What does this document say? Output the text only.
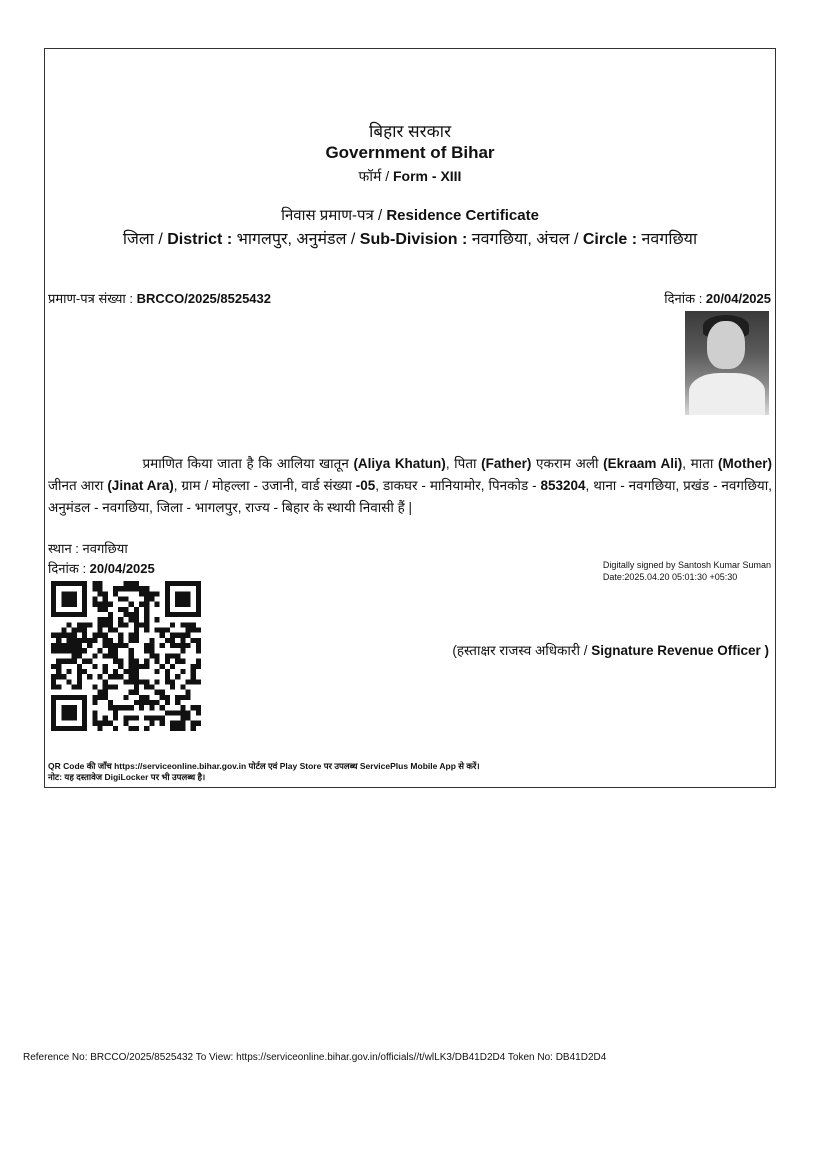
बिहार सरकार
Government of Bihar
फॉर्म / Form - XIII
निवास प्रमाण-पत्र / Residence Certificate
जिला / District : भागलपुर, अनुमंडल / Sub-Division : नवगछिया, अंचल / Circle : नवगछिया
प्रमाण-पत्र संख्या : BRCCO/2025/8525432	दिनांक : 20/04/2025
       प्रमाणित किया जाता है कि आलिया खातून (Aliya Khatun), पिता (Father) एकराम अली (Ekraam Ali), माता (Mother) जीनत आरा (Jinat Ara), ग्राम / मोहल्ला - उजानी, वार्ड संख्या -05, डाकघर - मानियामोर, पिनकोड - 853204, थाना - नवगछिया, प्रखंड - नवगछिया, अनुमंडल - नवगछिया, जिला - भागलपुर, राज्य - बिहार के स्थायी निवासी हैं |
स्थान : नवगछिया
दिनांक : 20/04/2025	Digitally signed by Santosh Kumar Suman
Date:2025.04.20 05:01:30 +05:30
(हस्ताक्षर राजस्व अधिकारी / Signature Revenue Officer )
QR Code की जाँच https://serviceonline.bihar.gov.in पोर्टल एवं Play Store पर उपलब्ध ServicePlus Mobile App से करें।
नोट: यह दस्तावेज DigiLocker पर भी उपलब्ध है।
Reference No: BRCCO/2025/8525432 To View: https://serviceonline.bihar.gov.in/officials//t/wlLK3/DB41D2D4 Token No: DB41D2D4
